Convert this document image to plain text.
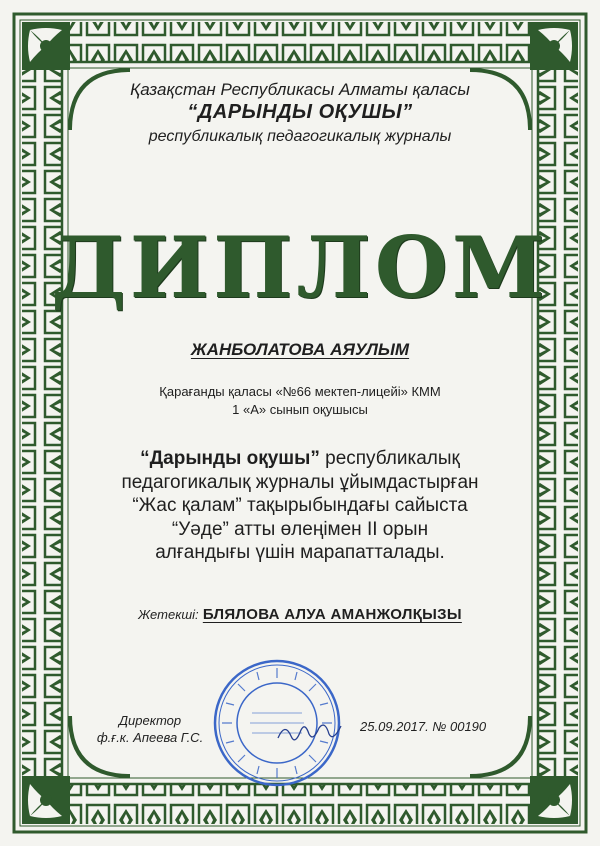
Қазақстан Республикасы Алматы қаласы
“ДАРЫНДЫ ОҚУШЫ”
республикалық педагогикалық журналы
ДИПЛОМ
ЖАНБОЛАТОВА АЯУЛЫМ
Қарағанды қаласы «№66 мектеп-лицейі» КММ
1 «А» сынып оқушысы
“Дарынды оқушы” республикалық
педагогикалық журналы ұйымдастырған
“Жас қалам” тақырыбындағы сайыста
“Уәде” атты өлеңімен ІІ орын
алғандығы үшін марапатталады.
Жетекші: БЛЯЛОВА АЛУА АМАНЖОЛҚЫЗЫ
Директор
ф.ғ.к. Апеева Г.С.
25.09.2017. № 00190
